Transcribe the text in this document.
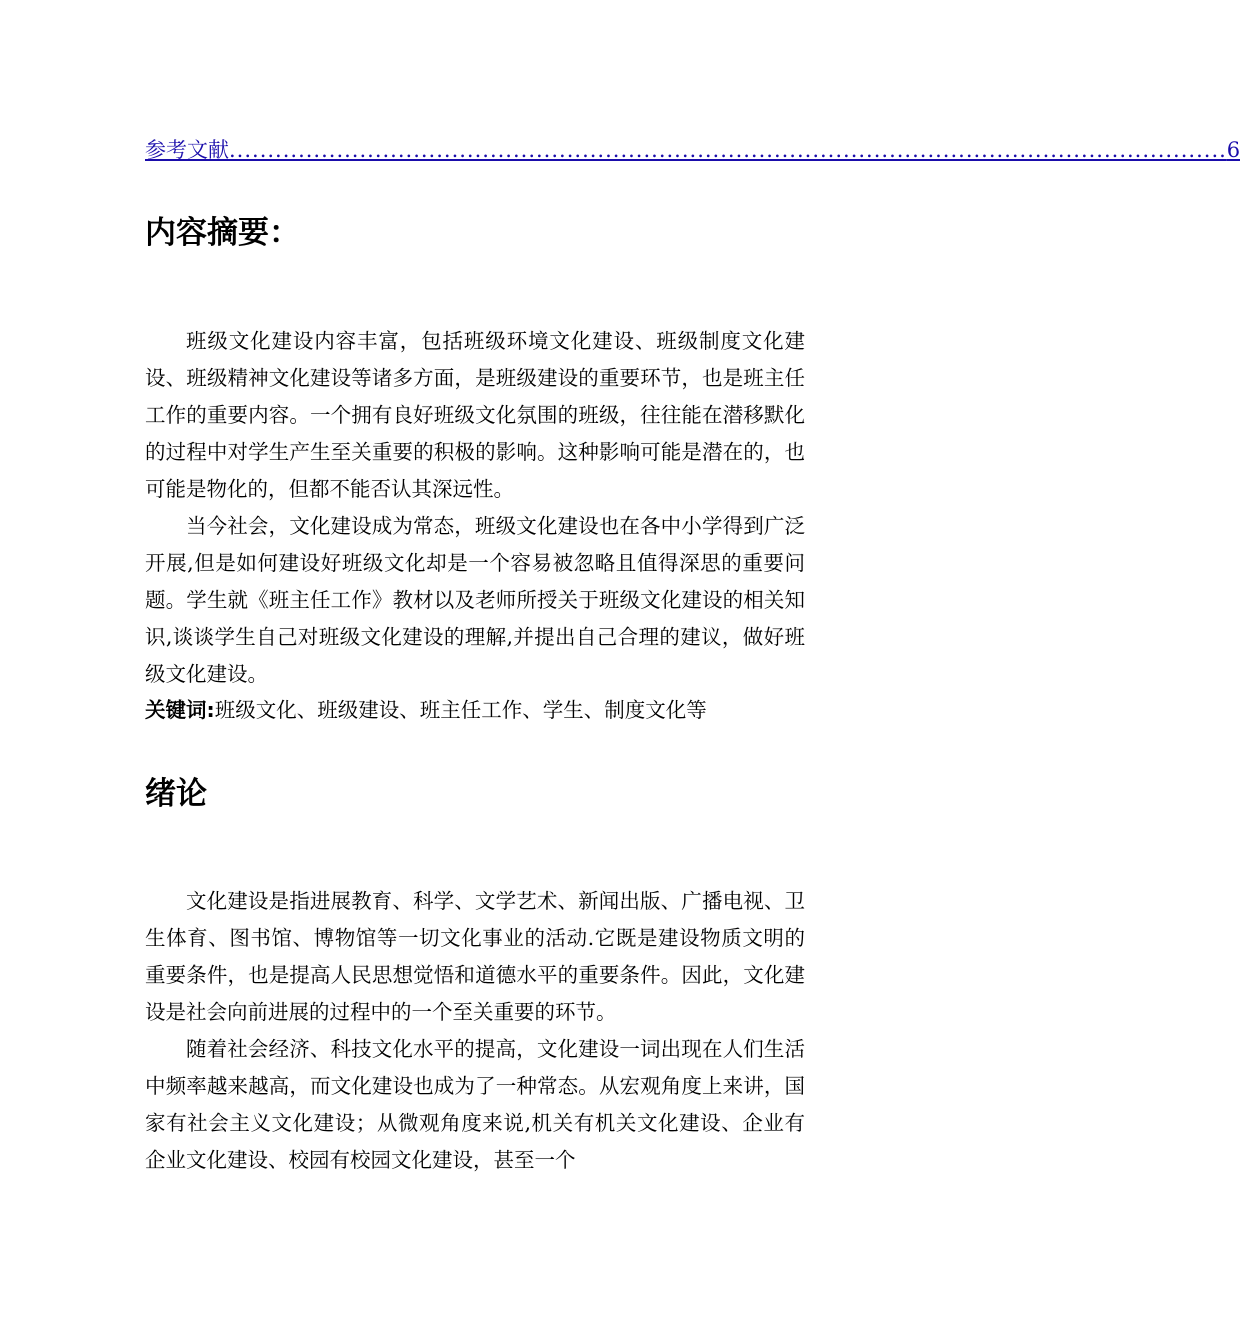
参考文献 .................................................................................................................................. 6
内容摘要：

班级文化建设内容丰富，包括班级环境文化建设、班级制度文化建设、班级精神文化建设等诸多方面，是班级建设的重要环节，也是班主任工作的重要内容。一个拥有良好班级文化氛围的班级，往往能在潜移默化的过程中对学生产生至关重要的积极的影响。这种影响可能是潜在的，也可能是物化的，但都不能否认其深远性。

当今社会，文化建设成为常态，班级文化建设也在各中小学得到广泛开展,但是如何建设好班级文化却是一个容易被忽略且值得深思的重要问题。学生就《班主任工作》教材以及老师所授关于班级文化建设的相关知识,谈谈学生自己对班级文化建设的理解,并提出自己合理的建议，做好班级文化建设。

关键词:班级文化、班级建设、班主任工作、学生、制度文化等
绪论

文化建设是指进展教育、科学、文学艺术、新闻出版、广播电视、卫生体育、图书馆、博物馆等一切文化事业的活动.它既是建设物质文明的重要条件，也是提高人民思想觉悟和道德水平的重要条件。因此，文化建设是社会向前进展的过程中的一个至关重要的环节。

随着社会经济、科技文化水平的提高，文化建设一词出现在人们生活中频率越来越高，而文化建设也成为了一种常态。从宏观角度上来讲，国家有社会主义文化建设；从微观角度来说,机关有机关文化建设、企业有企业文化建设、校园有校园文化建设，甚至一个
